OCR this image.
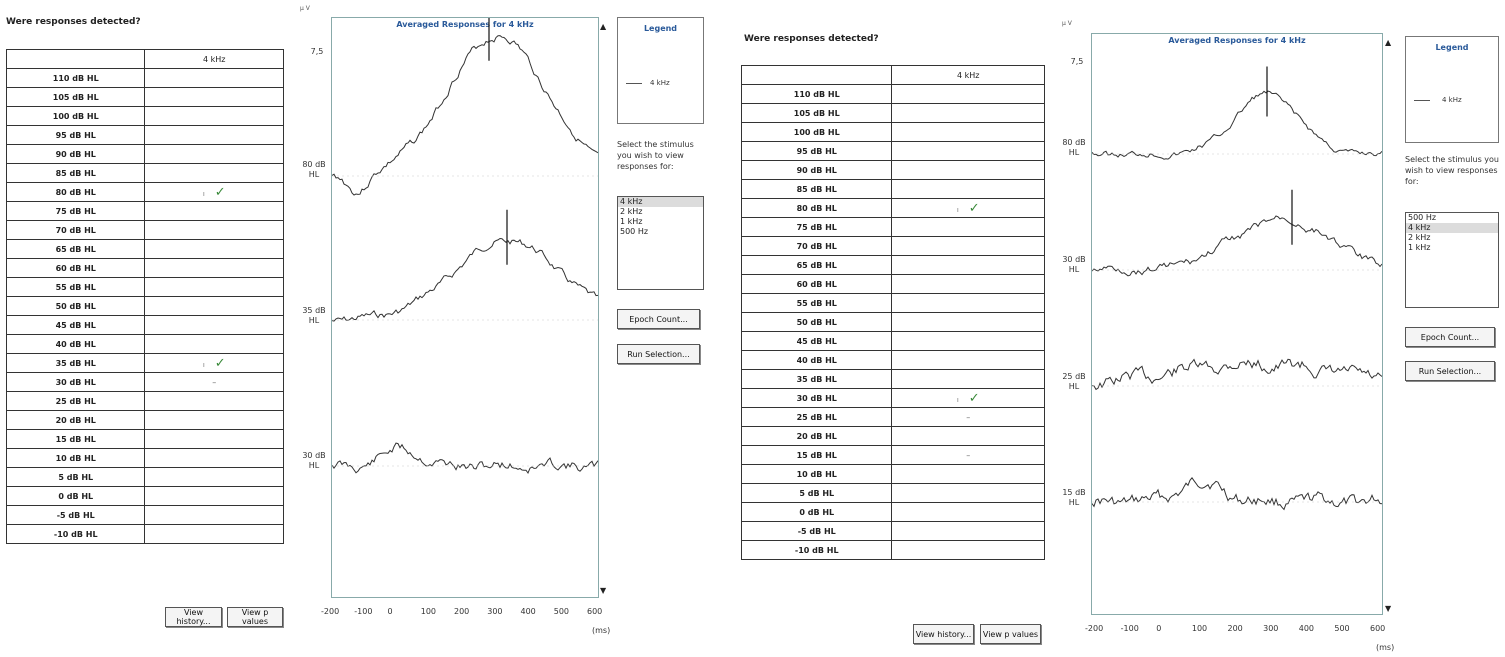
Were responses detected?
	4 kHz
110 dB HL	
105 dB HL	
100 dB HL	
95 dB HL	
90 dB HL	
85 dB HL	
80 dB HL	ı ✓
75 dB HL	
70 dB HL	
65 dB HL	
60 dB HL	
55 dB HL	
50 dB HL	
45 dB HL	
40 dB HL	
35 dB HL	ı ✓
30 dB HL	–
25 dB HL	
20 dB HL	
15 dB HL	
10 dB HL	
5 dB HL	
0 dB HL	
-5 dB HL	
-10 dB HL	
View history...
View p values
µ V
7,5
Averaged Responses for 4 kHz	▲
▼
80 dB HL
35 dB HL
30 dB HL
-200 -100 0	100 200 300 400 500 600
(ms)
Legend
4 kHz
Select the stimulus you wish to view responses for:
4 kHz
2 kHz
1 kHz
500 Hz
Epoch Count...
Run Selection...
Were responses detected?
	4 kHz
110 dB HL	
105 dB HL	
100 dB HL	
95 dB HL	
90 dB HL	
85 dB HL	
80 dB HL	ı ✓
75 dB HL	
70 dB HL	
65 dB HL	
60 dB HL	
55 dB HL	
50 dB HL	
45 dB HL	
40 dB HL	
35 dB HL	
30 dB HL	ı ✓
25 dB HL	–
20 dB HL	
15 dB HL	–
10 dB HL	
5 dB HL	
0 dB HL	
-5 dB HL	
-10 dB HL	
View history...	View p values
µ V
7,5
Averaged Responses for 4 kHz	▲
▼
80 dB HL
30 dB HL
25 dB HL
15 dB HL
-200 -100 0	100	200	300	400	500	600
(ms)
Legend
4 kHz
Select the stimulus you wish to view responses for:
500 Hz
4 kHz
2 kHz
1 kHz
Epoch Count...
Run Selection...
